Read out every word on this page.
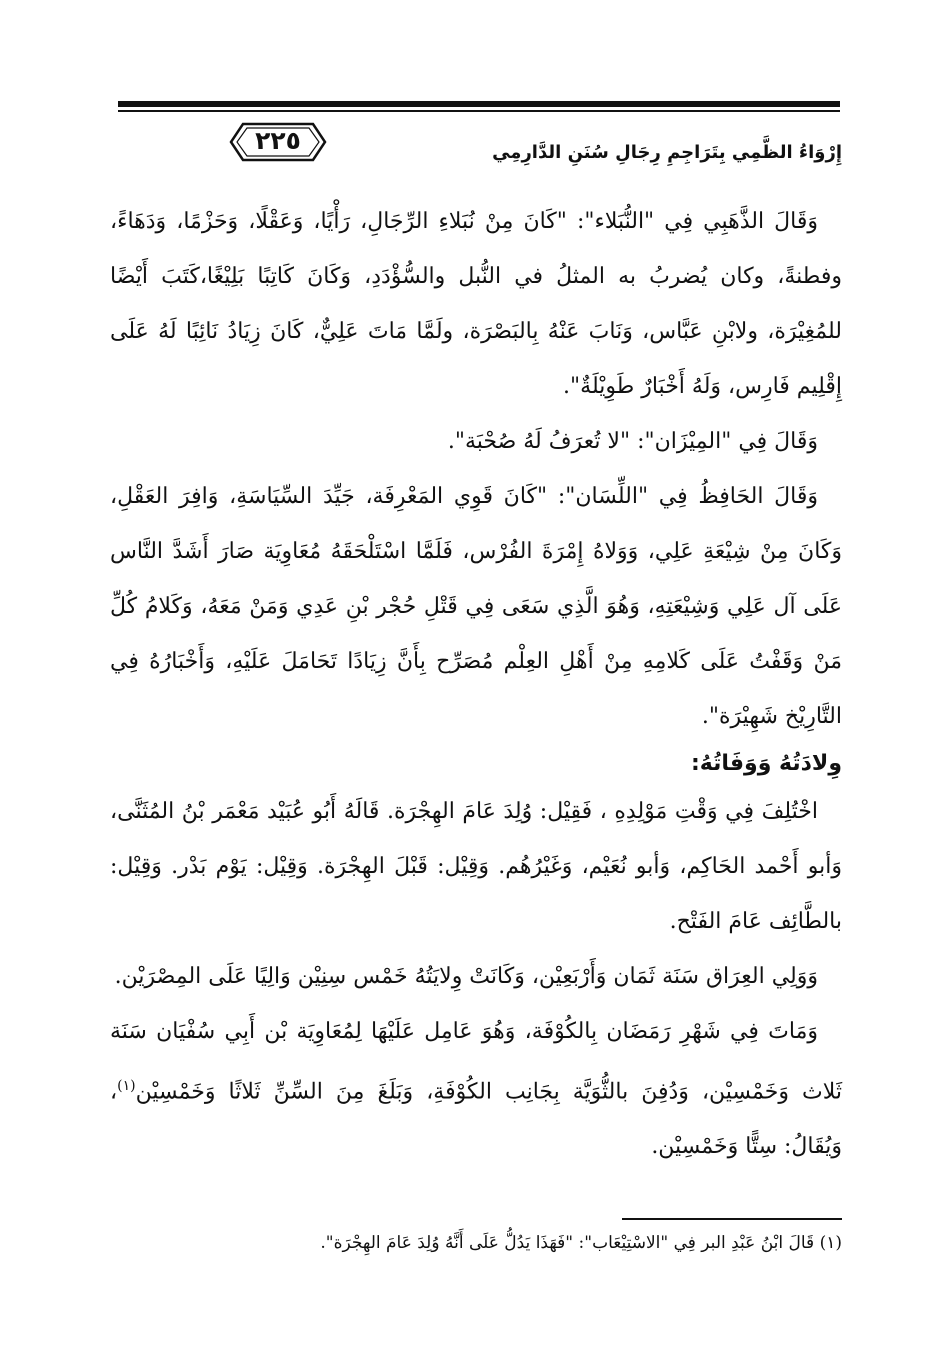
٢٢٥	إِرْوَاءُ الظَّمِي بِتَرَاجِمِ رِجَالِ سُنَنِ الدَّارِمِي

وَقَالَ الذَّهَبِي فِي "النُّبَلاء": "كَانَ مِنْ نُبَلاءِ الرِّجَالِ، رَأْيًا، وَعَقْلًا، وَحَزْمًا، وَدَهَاءً، وفطنةً، وكان يُضربُ به المثلُ في النُّبل والسُّؤْدَدِ، وَكَانَ كَاتِبًا بَلِيْغًا،كَتَبَ أَيْضًا للمُغِيْرَة، ولابْنِ عَبَّاس، وَنَابَ عَنْهُ بِالبَصْرَة، ولَمَّا مَاتَ عَلِيٌّ، كَانَ زِيَادُ نَائِبًا لَهُ عَلَى إِقْلِيم فَارِس، وَلَهُ أَخْبَارٌ طَوِيْلَةٌ".

وَقَالَ فِي "المِيْزَان": "لا تُعرَفُ لَهُ صُحْبَة".

وَقَالَ الحَافِظُ فِي "اللِّسَان": "كَانَ قَوِي المَعْرِفَة، جَيِّدَ السِّيَاسَةِ، وَافِرَ العَقْلِ، وَكَانَ مِنْ شِيْعَةِ عَلِي، وَوَلاهُ إِمْرَةَ الفُرْس، فَلَمَّا اسْتَلْحَقَهُ مُعَاوِيَة صَارَ أَشَدَّ النَّاس عَلَى آل عَلِي وَشِيْعَتِهِ، وَهُوَ الَّذِي سَعَى فِي قَتْلِ حُجْر بْنِ عَدِي وَمَنْ مَعَهُ، وَكَلامُ كُلِّ مَنْ وَقَفْتُ عَلَى كَلامِهِ مِنْ أَهْلِ العِلْم مُصَرِّح بِأَنَّ زِيَادًا تَحَامَلَ عَلَيْهِ، وَأَخْبَارُهُ فِي التَّارِيْخ شَهِيْرَة".

وِلادَتُهُ وَوَفَاتُهُ:

اخْتُلِفَ فِي وَقْتِ مَوْلِدِهِ ، فَقِيْل: وُلِدَ عَامَ الهِجْرَة. قَالَهُ أَبُو عُبَيْد مَعْمَر بْنُ المُثَنَّى، وَأبو أَحْمد الحَاكِم، وَأبو نُعَيْم، وَغَيْرُهُم. وَقِيْل: قَبْلَ الهِجْرَة. وَقِيْل: يَوْم بَدْر. وَقِيْل: بالطَّائِف عَامَ الفَتْح.

وَوَلِي العِرَاق سَنَة ثَمَان وَأَرْبَعِيْن، وَكَانَتْ وِلايَتُهُ خَمْس سِنِيْن وَالِيًا عَلَى المِصْرَيْن.

وَمَاتَ فِي شَهْرِ رَمَضَان بِالكُوْفَة، وَهُوَ عَامِل عَلَيْهَا لِمُعَاوِيَة بْن أَبِي سُفْيَان سَنَة ثَلاث وَخَمْسِيْن، وَدُفِنَ بالثُّوَيَّة بِجَانِب الكُوْفَةِ، وَبَلَغَ مِنَ السِّنِّ ثَلاثًا وَخَمْسِيْن$^{(١)}$، وَيُقَالُ: سِتًّا وَخَمْسِيْن.

(١) قَالَ ابْنُ عَبْدِ البر فِي "الاسْتِيْعَاب": "فَهَذَا يَدُلُّ عَلَى أَنَّهُ وُلِدَ عَامَ الهِجْرَة".
